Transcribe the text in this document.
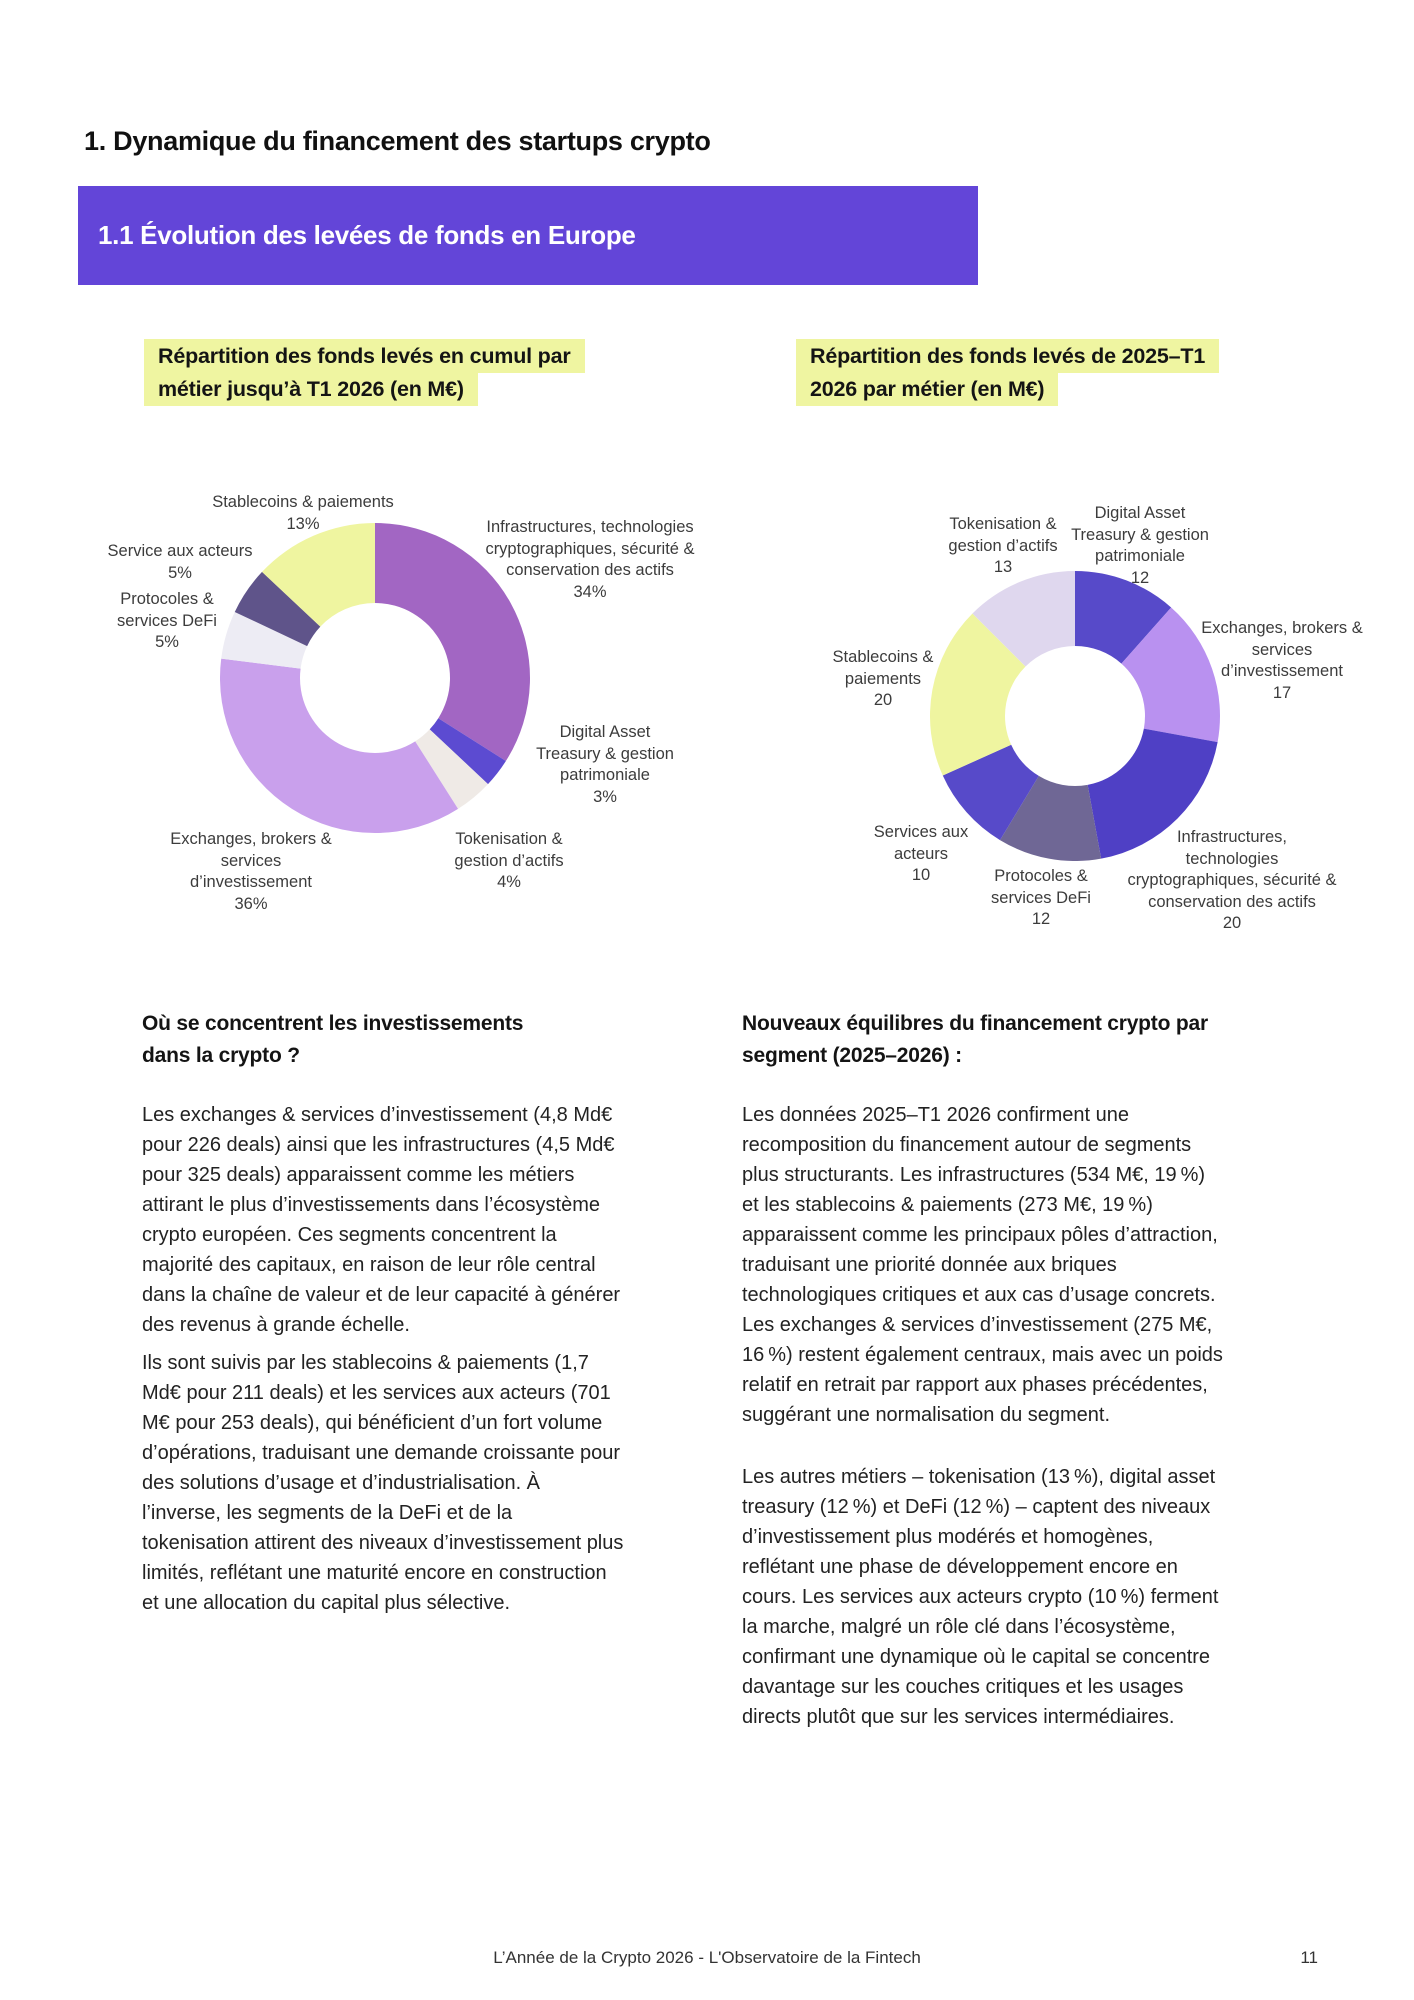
1. Dynamique du financement des startups crypto
1.1 Évolution des levées de fonds en Europe
Répartition des fonds levés en cumul par
métier jusqu’à T1 2026 (en M€)
Répartition des fonds levés de 2025–T1
2026 par métier (en M€)
Où se concentrent les investissements
dans la crypto ?
Nouveaux équilibres du financement crypto par
segment (2025–2026) :
Les exchanges & services d’investissement (4,8 Md€ pour 226 deals) ainsi que les infrastructures (4,5 Md€ pour 325 deals) apparaissent comme les métiers attirant le plus d’investissements dans l’écosystème crypto européen. Ces segments concentrent la majorité des capitaux, en raison de leur rôle central dans la chaîne de valeur et de leur capacité à générer des revenus à grande échelle.
Ils sont suivis par les stablecoins & paiements (1,7 Md€ pour 211 deals) et les services aux acteurs (701 M€ pour 253 deals), qui bénéficient d’un fort volume d’opérations, traduisant une demande croissante pour des solutions d’usage et d’industrialisation. À l’inverse, les segments de la DeFi et de la tokenisation attirent des niveaux d’investissement plus limités, reflétant une maturité encore en construction et une allocation du capital plus sélective.
Les données 2025–T1 2026 confirment une recomposition du financement autour de segments plus structurants. Les infrastructures (534 M€, 19 %) et les stablecoins & paiements (273 M€, 19 %) apparaissent comme les principaux pôles d’attraction, traduisant une priorité donnée aux briques technologiques critiques et aux cas d’usage concrets. Les exchanges & services d’investissement (275 M€, 16 %) restent également centraux, mais avec un poids relatif en retrait par rapport aux phases précédentes, suggérant une normalisation du segment.
Les autres métiers – tokenisation (13 %), digital asset treasury (12 %) et DeFi (12 %) – captent des niveaux d’investissement plus modérés et homogènes, reflétant une phase de développement encore en cours. Les services aux acteurs crypto (10 %) ferment la marche, malgré un rôle clé dans l’écosystème, confirmant une dynamique où le capital se concentre davantage sur les couches critiques et les usages directs plutôt que sur les services intermédiaires.
L’Année de la Crypto 2026 - L'Observatoire de la Fintech	11
Infrastructures, technologies
cryptographiques, sécurité &
conservation des actifs
34%
Digital Asset
Treasury & gestion
patrimoniale
3%
Tokenisation &
gestion d’actifs
4%
Exchanges, brokers &
services
d’investissement
36%
Protocoles &
services DeFi
5%
Service aux acteurs
5%
Stablecoins & paiements
13%
Digital Asset
Treasury & gestion
patrimoniale
12
Exchanges, brokers &
services
d’investissement
17
Infrastructures,
technologies
cryptographiques, sécurité &
conservation des actifs
20
Protocoles &
services DeFi
12
Services aux
acteurs
10
Stablecoins &
paiements
20
Tokenisation &
gestion d’actifs
13
